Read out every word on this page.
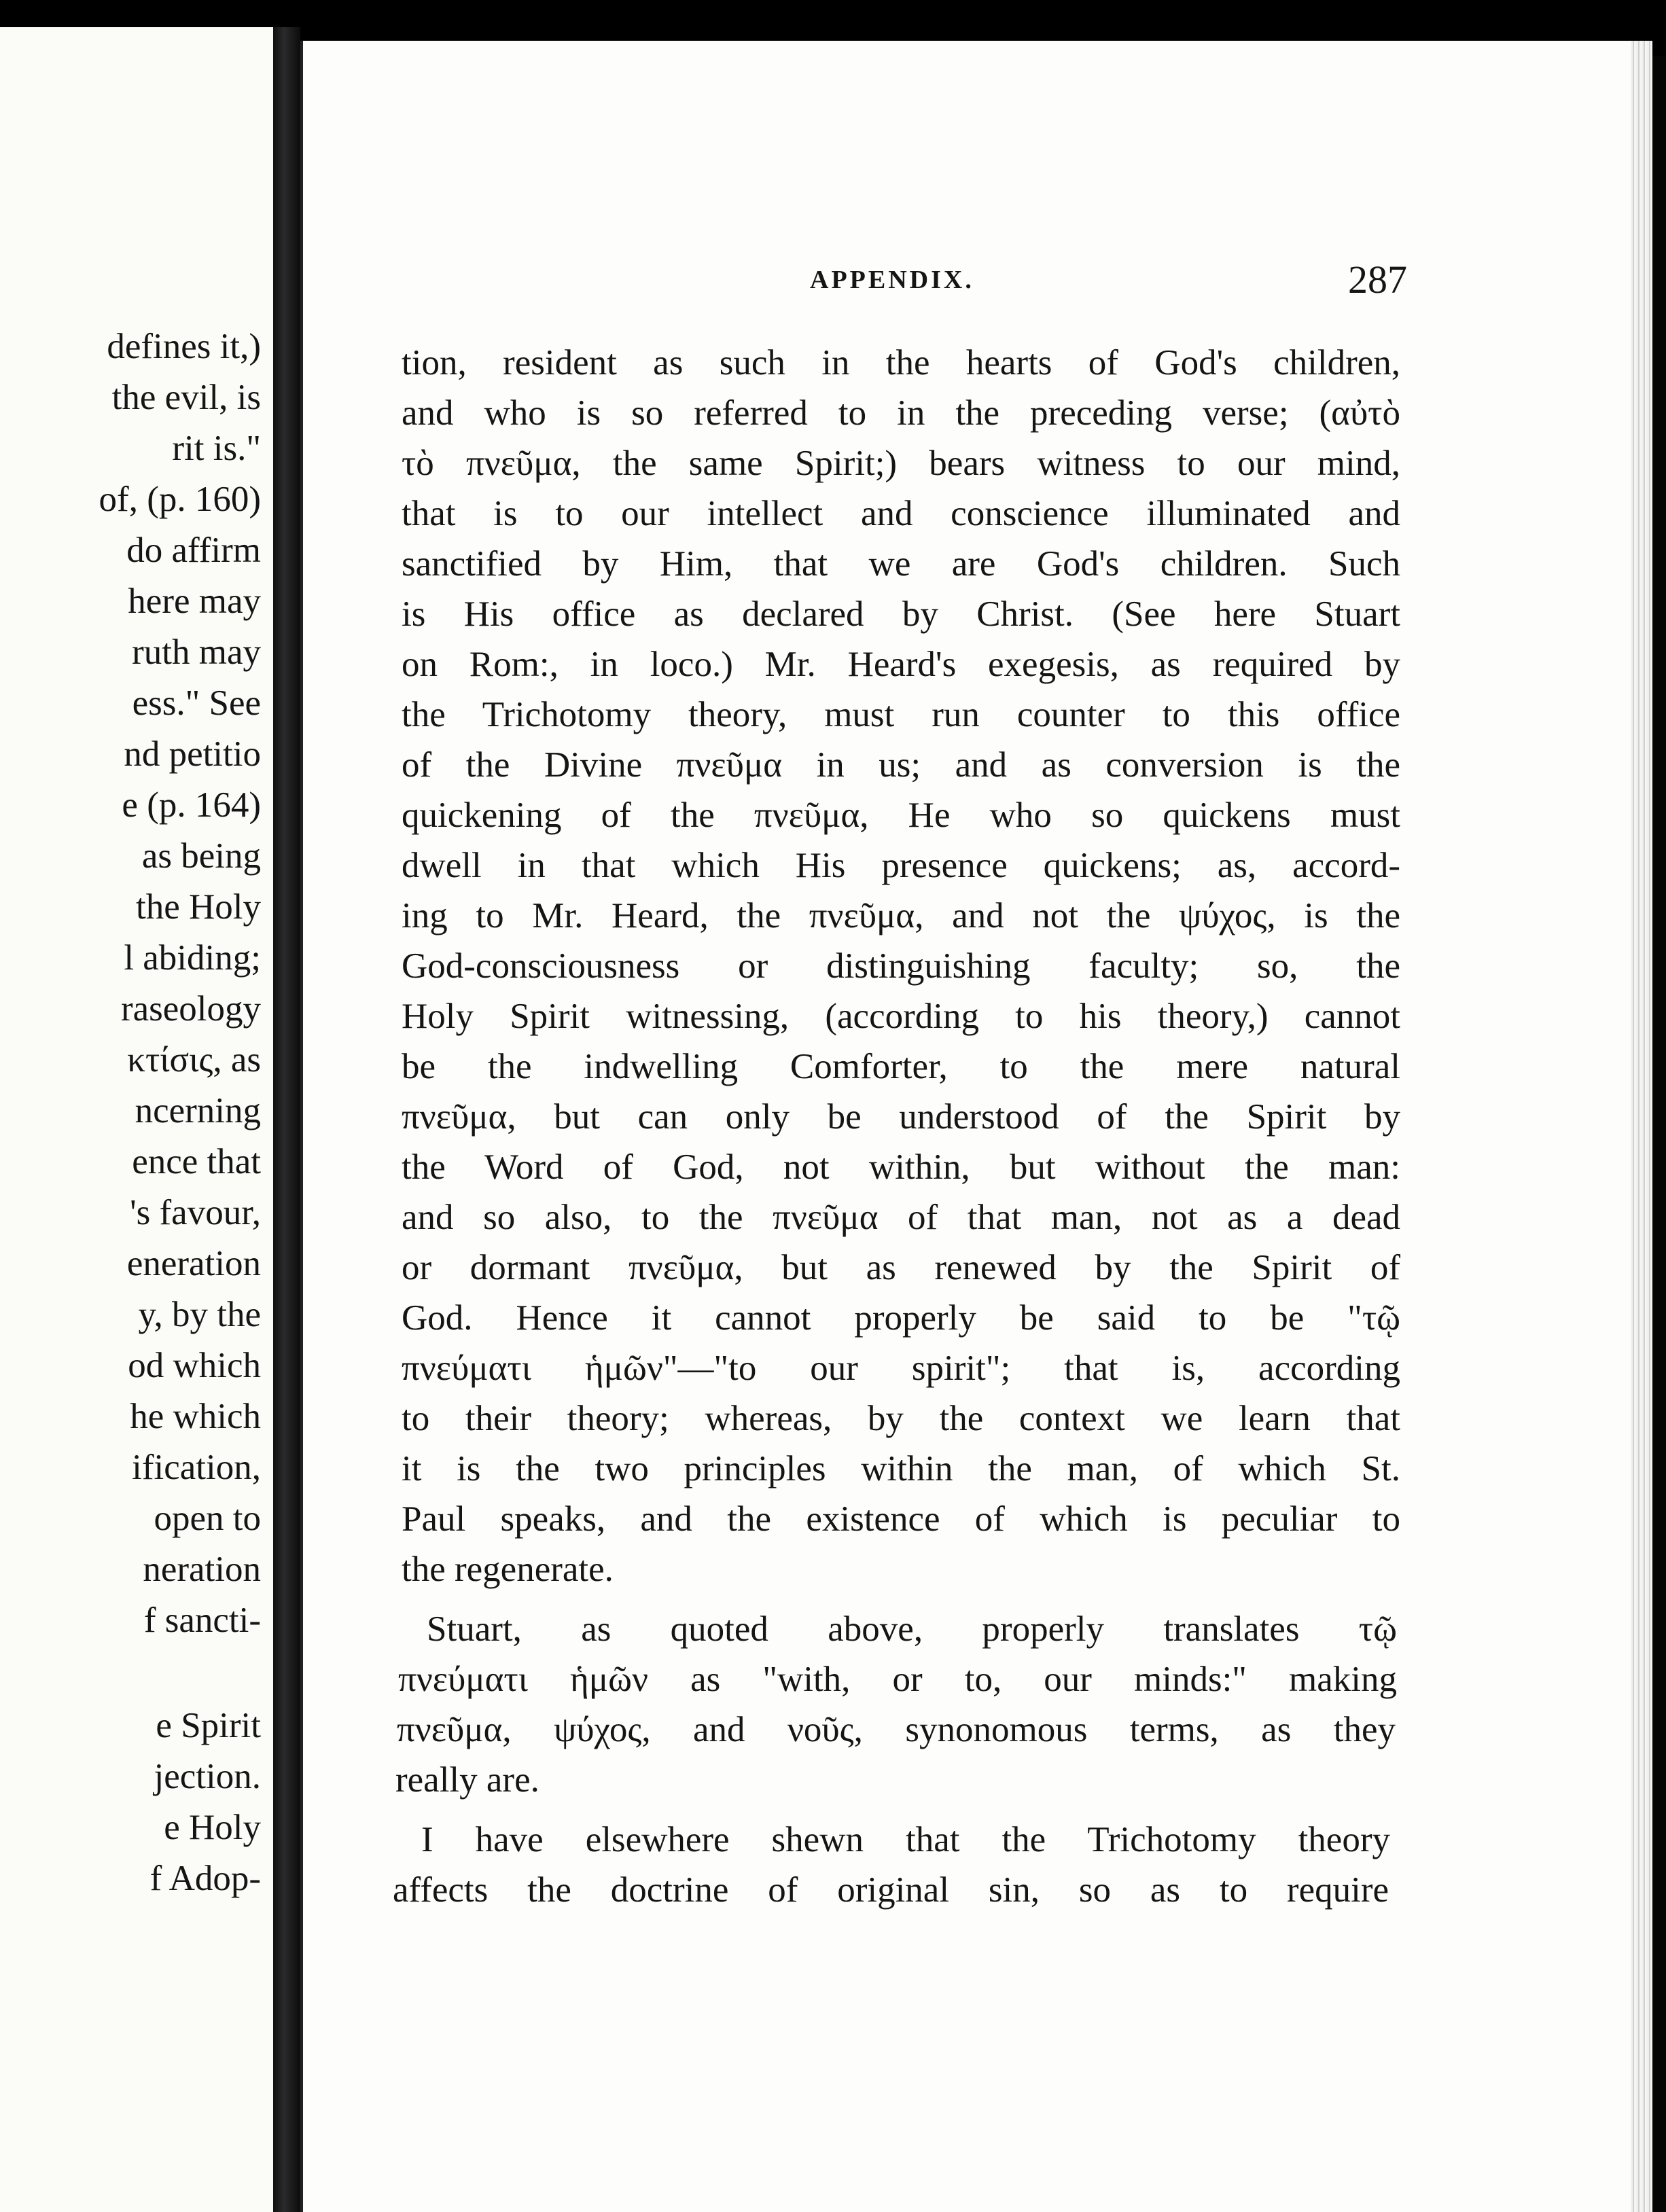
defines it,)
the evil, is
rit is."
of, (p. 160)
do affirm
here may
ruth may
ess." See
nd petitio
e (p. 164)
as being
the Holy
l abiding;
raseology
κτίσις, as
ncerning
ence that
's favour,
eneration
y, by the
od which
he which
ification,
open to
neration
f sancti-
e Spirit
jection.
e Holy
f Adop-
APPENDIX.	287
tion, resident as such in the hearts of God's children,
and who is so referred to in the preceding verse; (αὐτὸ
τὸ πνεῦμα, the same Spirit;) bears witness to our mind,
that is to our intellect and conscience illuminated and
sanctified by Him, that we are God's children. Such
is His office as declared by Christ. (See here Stuart
on Rom:, in loco.) Mr. Heard's exegesis, as required by
the Trichotomy theory, must run counter to this office
of the Divine πνεῦμα in us; and as conversion is the
quickening of the πνεῦμα, He who so quickens must
dwell in that which His presence quickens; as, accord-
ing to Mr. Heard, the πνεῦμα, and not the ψύχος, is the
God-consciousness or distinguishing faculty; so, the
Holy Spirit witnessing, (according to his theory,) cannot
be the indwelling Comforter, to the mere natural
πνεῦμα, but can only be understood of the Spirit by
the Word of God, not within, but without the man:
and so also, to the πνεῦμα of that man, not as a dead
or dormant πνεῦμα, but as renewed by the Spirit of
God. Hence it cannot properly be said to be "τῷ
πνεύματι ἡμῶν"—"to our spirit"; that is, according
to their theory; whereas, by the context we learn that
it is the two principles within the man, of which St.
Paul speaks, and the existence of which is peculiar to
the regenerate.
Stuart, as quoted above, properly translates τῷ
πνεύματι ἡμῶν as "with, or to, our minds:" making
πνεῦμα, ψύχος, and νοῦς, synonomous terms, as they
really are.
I have elsewhere shewn that the Trichotomy theory
affects the doctrine of original sin, so as to require
